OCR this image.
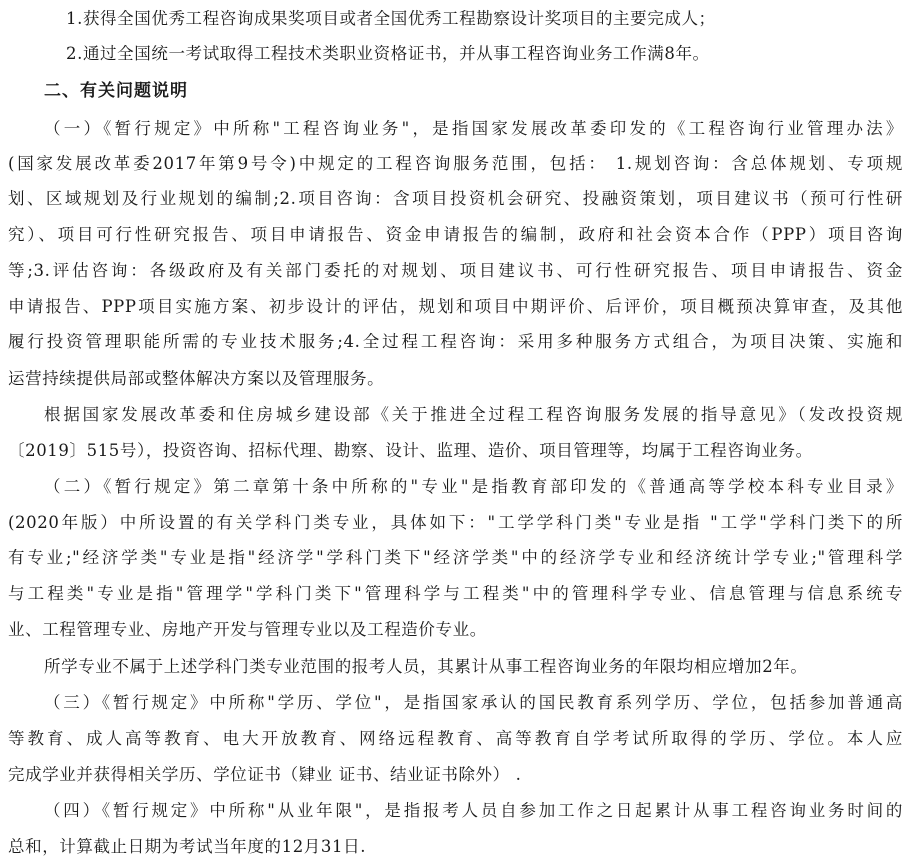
1.获得全国优秀工程咨询成果奖项目或者全国优秀工程勘察设计奖项目的主要完成人；
2.通过全国统一考试取得工程技术类职业资格证书，并从事工程咨询业务工作满8年。
二、有关问题说明
（一）《暂行规定》中所称"工程咨询业务"，是指国家发展改革委印发的《工程咨询行业管理办法》
(国家发展改革委2017年第9号令)中规定的工程咨询服务范围，包括： 1.规划咨询：含总体规划、专项规
划、区域规划及行业规划的编制;2.项目咨询：含项目投资机会研究、投融资策划，项目建议书（预可行性研
究）、项目可行性研究报告、项目申请报告、资金申请报告的编制，政府和社会资本合作（PPP）项目咨询
等;3.评估咨询：各级政府及有关部门委托的对规划、项目建议书、可行性研究报告、项目申请报告、资金
申请报告、PPP项目实施方案、初步设计的评估，规划和项目中期评价、后评价，项目概预决算审查，及其他
履行投资管理职能所需的专业技术服务;4.全过程工程咨询：采用多种服务方式组合，为项目决策、实施和
运营持续提供局部或整体解决方案以及管理服务。
根据国家发展改革委和住房城乡建设部《关于推进全过程工程咨询服务发展的指导意见》（发改投资规
〔2019〕515号），投资咨询、招标代理、勘察、设计、监理、造价、项目管理等，均属于工程咨询业务。
（二）《暂行规定》第二章第十条中所称的"专业"是指教育部印发的《普通高等学校本科专业目录》
(2020年版）中所设置的有关学科门类专业，具体如下："工学学科门类"专业是指 "工学"学科门类下的所
有专业;"经济学类"专业是指"经济学"学科门类下"经济学类"中的经济学专业和经济统计学专业;"管理科学
与工程类"专业是指"管理学"学科门类下"管理科学与工程类"中的管理科学专业、信息管理与信息系统专
业、工程管理专业、房地产开发与管理专业以及工程造价专业。
所学专业不属于上述学科门类专业范围的报考人员，其累计从事工程咨询业务的年限均相应增加2年。
（三）《暂行规定》中所称"学历、学位"，是指国家承认的国民教育系列学历、学位，包括参加普通高
等教育、成人高等教育、电大开放教育、网络远程教育、高等教育自学考试所取得的学历、学位。本人应
完成学业并获得相关学历、学位证书（肄业 证书、结业证书除外） .
（四）《暂行规定》中所称"从业年限"，是指报考人员自参加工作之日起累计从事工程咨询业务时间的
总和，计算截止日期为考试当年度的12月31日.
